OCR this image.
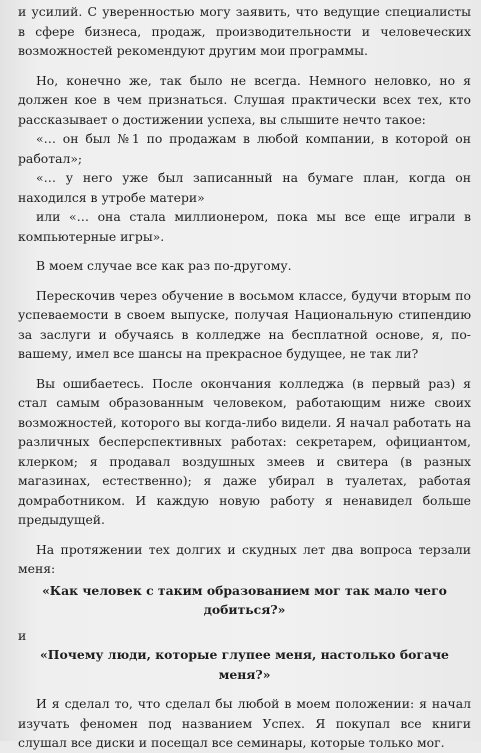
и усилий. С уверенностью могу заявить, что ведущие специалисты в сфере бизнеса, продаж, производительности и человеческих возможностей рекомендуют другим мои программы.

Но, конечно же, так было не всегда. Немного неловко, но я должен кое в чем признаться. Слушая практически всех тех, кто рассказывает о достижении успеха, вы слышите нечто такое:

«… он был №1 по продажам в любой компании, в которой он работал»;

«… у него уже был записанный на бумаге план, когда он находился в утробе матери»

или «… она стала миллионером, пока мы все еще играли в компьютерные игры».

В моем случае все как раз по-другому.

Перескочив через обучение в восьмом классе, будучи вторым по успеваемости в своем выпуске, получая Национальную стипендию за заслуги и обучаясь в колледже на бесплатной основе, я, по-вашему, имел все шансы на прекрасное будущее, не так ли?

Вы ошибаетесь. После окончания колледжа (в первый раз) я стал самым образованным человеком, работающим ниже своих возможностей, которого вы когда-либо видели. Я начал работать на различных бесперспективных работах: секретарем, официантом, клерком; я продавал воздушных змеев и свитера (в разных магазинах, естественно); я даже убирал в туалетах, работая домработником. И каждую новую работу я ненавидел больше предыдущей.

На протяжении тех долгих и скудных лет два вопроса терзали меня:

«Как человек с таким образованием мог так мало чего добиться?»

и

«Почему люди, которые глупее меня, настолько богаче меня?»

И я сделал то, что сделал бы любой в моем положении: я начал изучать феномен под названием Успех. Я покупал все книги слушал все диски и посещал все семинары, которые только мог.
